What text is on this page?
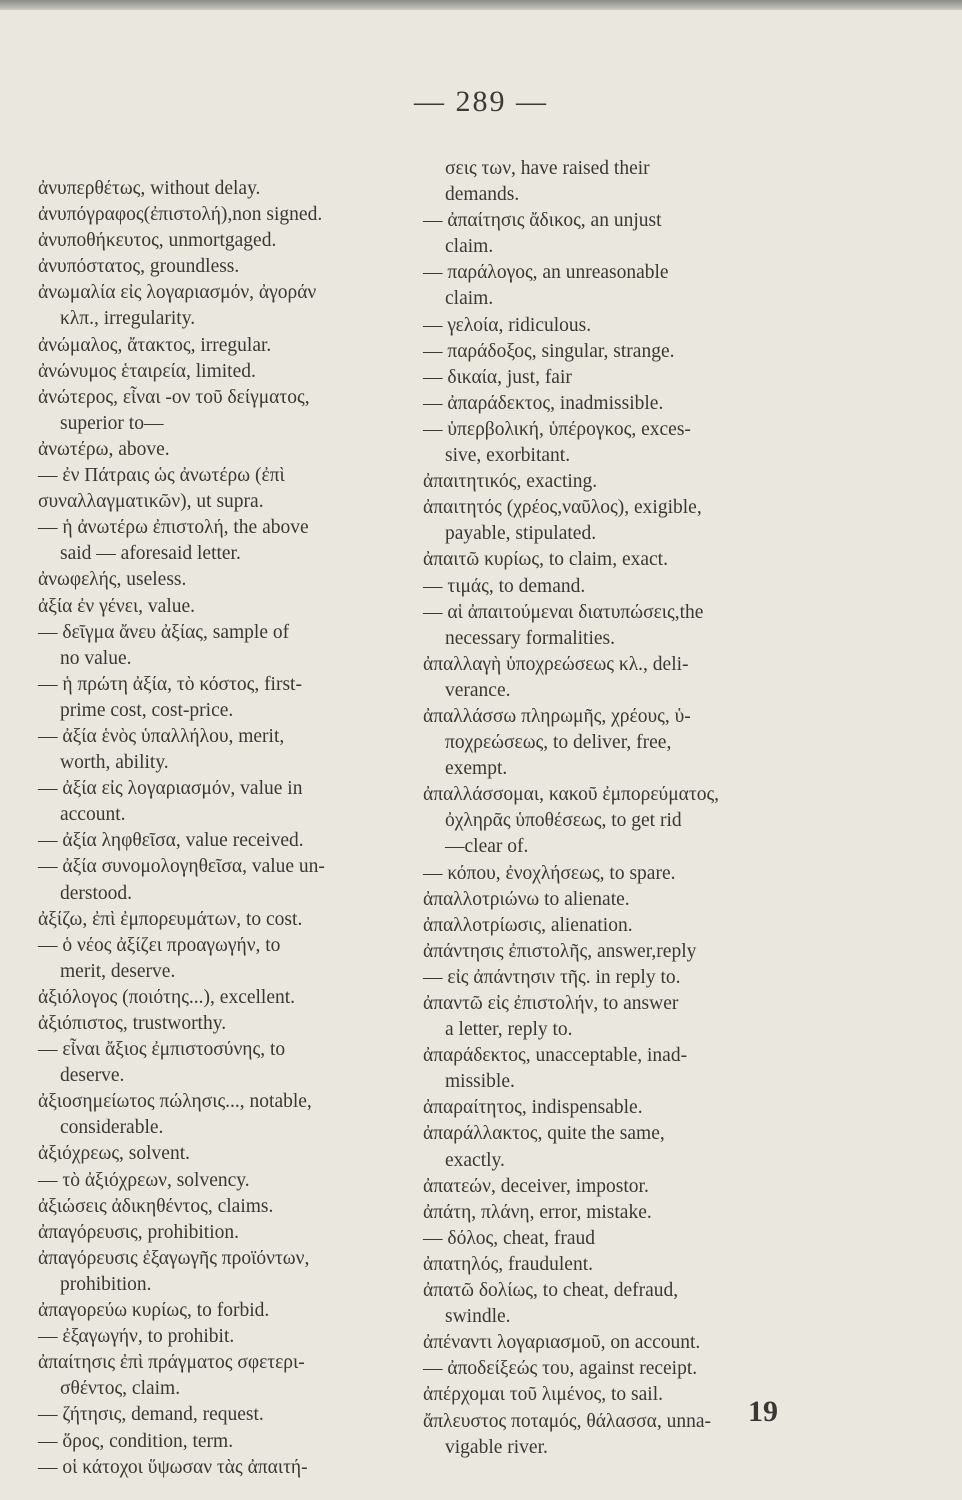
— 289 —
ἀνυπερθέτως, without delay.
ἀνυπόγραφος(ἐπιστολή),non signed.
ἀνυποθήκευτος, unmortgaged.
ἀνυπόστατος, groundless.
ἀνωμαλία εἰς λογαριασμόν, ἀγοράν
κλπ., irregularity.
ἀνώμαλος, ἄτακτος, irregular.
ἀνώνυμος ἑταιρεία, limited.
ἀνώτερος, εἶναι -ον τοῦ δείγματος,
superior to—
ἀνωτέρω, above.
— ἐν Πάτραις ὡς ἀνωτέρω (ἐπὶ
συναλλαγματικῶν), ut supra.
— ἡ ἀνωτέρω ἐπιστολή, the above
said — aforesaid letter.
ἀνωφελής, useless.
ἀξία ἐν γένει, value.
— δεῖγμα ἄνευ ἀξίας, sample of
no value.
— ἡ πρώτη ἀξία, τὸ κόστος, first-
prime cost, cost-price.
— ἀξία ἑνὸς ὑπαλλήλου, merit,
worth, ability.
— ἀξία εἰς λογαριασμόν, value in
account.
— ἀξία ληφθεῖσα, value received.
— ἀξία συνομολογηθεῖσα, value un-
derstood.
ἀξίζω, ἐπὶ ἐμπορευμάτων, to cost.
— ὁ νέος ἀξίζει προαγωγήν, to
merit, deserve.
ἀξιόλογος (ποιότης...), excellent.
ἀξιόπιστος, trustworthy.
— εἶναι ἄξιος ἐμπιστοσύνης, to
deserve.
ἀξιοσημείωτος πώλησις..., notable,
considerable.
ἀξιόχρεως, solvent.
— τὸ ἀξιόχρεων, solvency.
ἀξιώσεις ἀδικηθέντος, claims.
ἀπαγόρευσις, prohibition.
ἀπαγόρευσις ἐξαγωγῆς προϊόντων,
prohibition.
ἀπαγορεύω κυρίως, to forbid.
— ἐξαγωγήν, to prohibit.
ἀπαίτησις ἐπὶ πράγματος σφετερι-
σθέντος, claim.
— ζήτησις, demand, request.
— ὅρος, condition, term.
— οἱ κάτοχοι ὕψωσαν τὰς ἀπαιτή-
σεις των, have raised their
demands.
— ἀπαίτησις ἄδικος, an unjust
claim.
— παράλογος, an unreasonable
claim.
— γελοία, ridiculous.
— παράδοξος, singular, strange.
— δικαία, just, fair
— ἀπαράδεκτος, inadmissible.
— ὑπερβολική, ὑπέρογκος, exces-
sive, exorbitant.
ἀπαιτητικός, exacting.
ἀπαιτητός (χρέος,ναῦλος), exigible,
payable, stipulated.
ἀπαιτῶ κυρίως, to claim, exact.
— τιμάς, to demand.
— αἱ ἀπαιτούμεναι διατυπώσεις,the
necessary formalities.
ἀπαλλαγὴ ὑποχρεώσεως κλ., deli-
verance.
ἀπαλλάσσω πληρωμῆς, χρέους, ὑ-
ποχρεώσεως, to deliver, free,
exempt.
ἀπαλλάσσομαι, κακοῦ ἐμπορεύματος,
ὀχληρᾶς ὑποθέσεως, to get rid
—clear of.
— κόπου, ἐνοχλήσεως, to spare.
ἀπαλλοτριώνω to alienate.
ἀπαλλοτρίωσις, alienation.
ἀπάντησις ἐπιστολῆς, answer,reply
— εἰς ἀπάντησιν τῆς. in reply to.
ἀπαντῶ εἰς ἐπιστολήν, to answer
a letter, reply to.
ἀπαράδεκτος, unacceptable, inad-
missible.
ἀπαραίτητος, indispensable.
ἀπαράλλακτος, quite the same,
exactly.
ἀπατεών, deceiver, impostor.
ἀπάτη, πλάνη, error, mistake.
— δόλος, cheat, fraud
ἀπατηλός, fraudulent.
ἀπατῶ δολίως, to cheat, defraud,
swindle.
ἀπέναντι λογαριασμοῦ, on account.
— ἀποδείξεώς του, against receipt.
ἀπέρχομαι τοῦ λιμένος, to sail.
ἄπλευστος ποταμός, θάλασσα, unna-
vigable river.
19
